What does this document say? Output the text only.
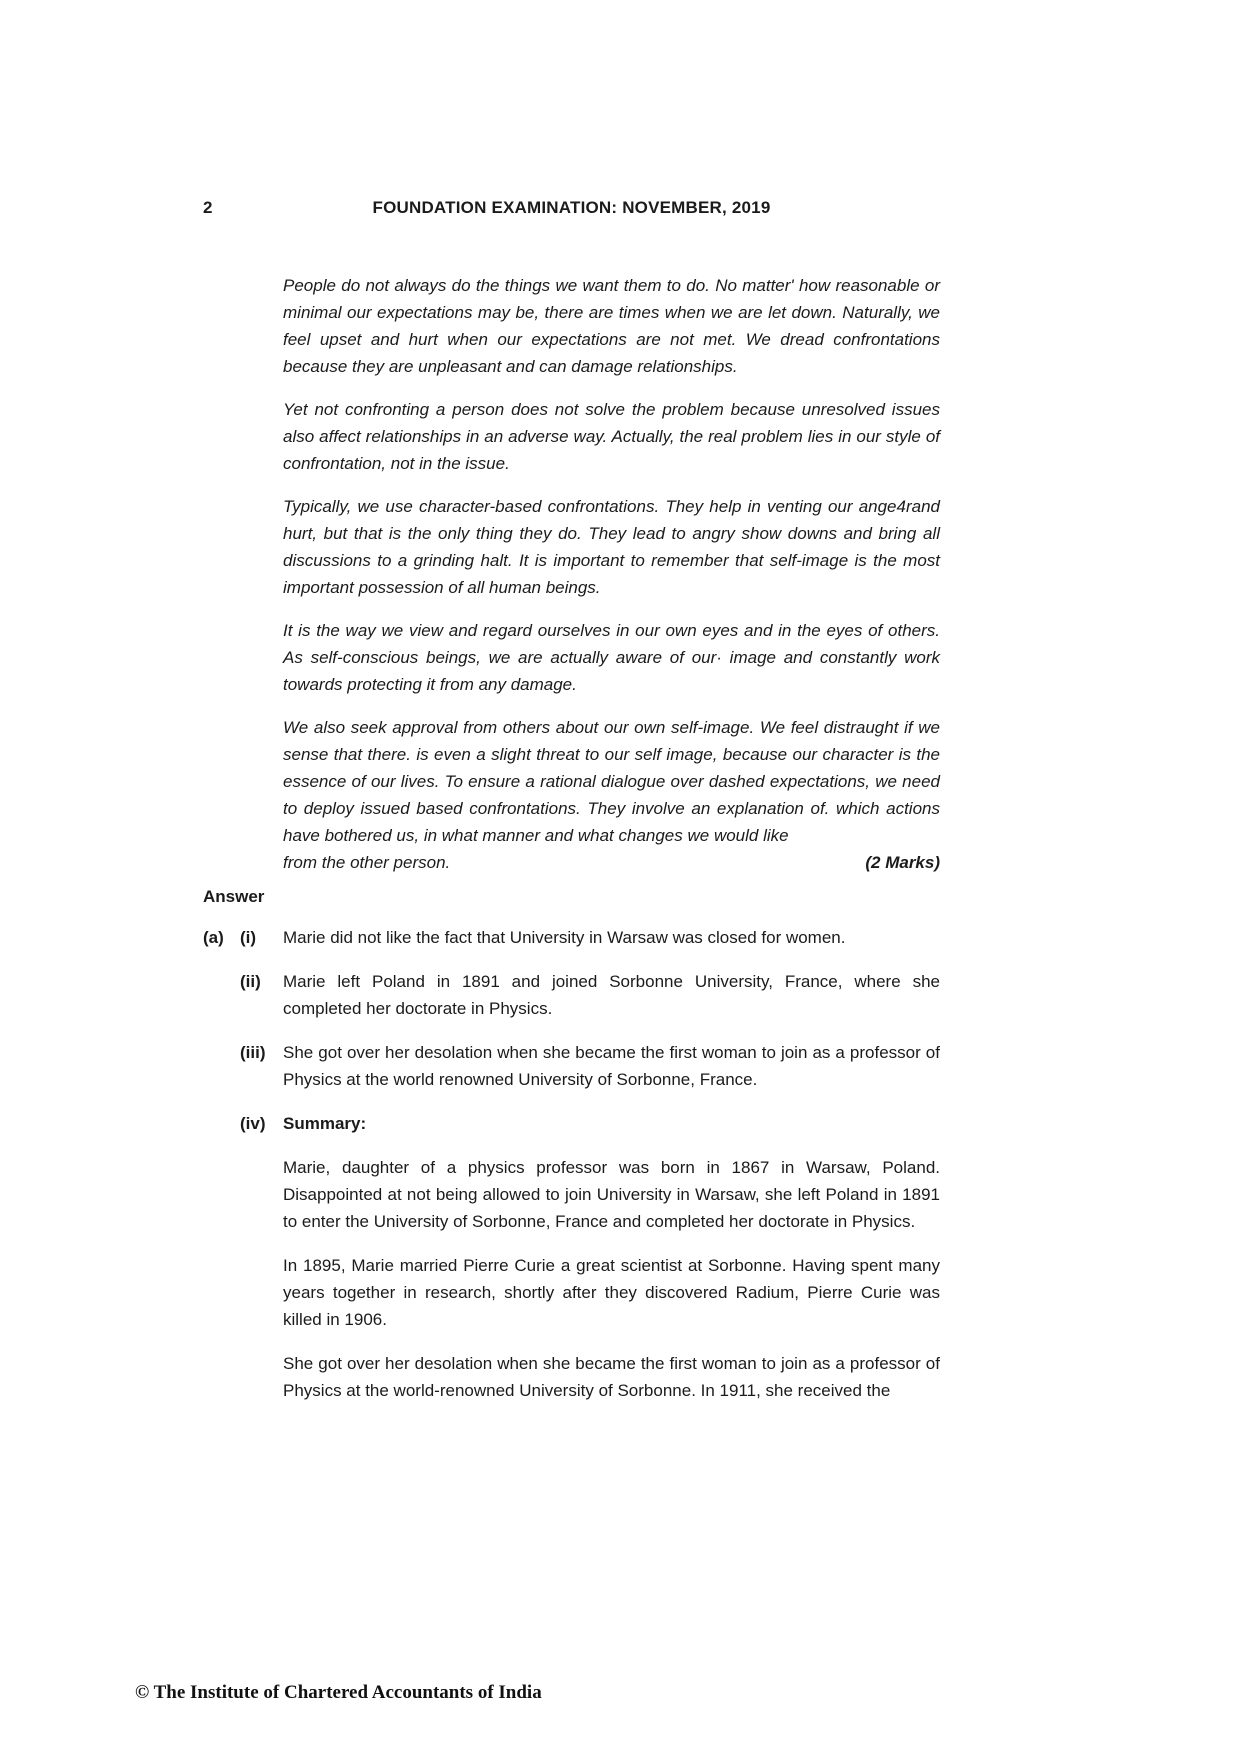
2	FOUNDATION EXAMINATION: NOVEMBER, 2019

People do not always do the things we want them to do. No matter' how reasonable or minimal our expectations may be, there are times when we are let down. Naturally, we feel upset and hurt when our expectations are not met. We dread confrontations because they are unpleasant and can damage relationships.

Yet not confronting a person does not solve the problem because unresolved issues also affect relationships in an adverse way. Actually, the real problem lies in our style of confrontation, not in the issue.

Typically, we use character-based confrontations. They help in venting our ange4rand hurt, but that is the only thing they do. They lead to angry show downs and bring all discussions to a grinding halt. It is important to remember that self-image is the most important possession of all human beings.

It is the way we view and regard ourselves in our own eyes and in the eyes of others. As self-conscious beings, we are actually aware of our· image and constantly work towards protecting it from any damage.

We also seek approval from others about our own self-image. We feel distraught if we sense that there. is even a slight threat to our self image, because our character is the essence of our lives. To ensure a rational dialogue over dashed expectations, we need to deploy issued based confrontations. They involve an explanation of. which actions have bothered us, in what manner and what changes we would like

from the other person.	(2 Marks)
Answer
(a) (i)	Marie did not like the fact that University in Warsaw was closed for women.
(ii)	Marie left Poland in 1891 and joined Sorbonne University, France, where she completed her doctorate in Physics.
(iii)	She got over her desolation when she became the first woman to join as a professor of Physics at the world renowned University of Sorbonne, France.
(iv)	Summary:

Marie, daughter of a physics professor was born in 1867 in Warsaw, Poland. Disappointed at not being allowed to join University in Warsaw, she left Poland in 1891 to enter the University of Sorbonne, France and completed her doctorate in Physics.

In 1895, Marie married Pierre Curie a great scientist at Sorbonne. Having spent many years together in research, shortly after they discovered Radium, Pierre Curie was killed in 1906.

She got over her desolation when she became the first woman to join as a professor of Physics at the world-renowned University of Sorbonne. In 1911, she received the

© The Institute of Chartered Accountants of India
